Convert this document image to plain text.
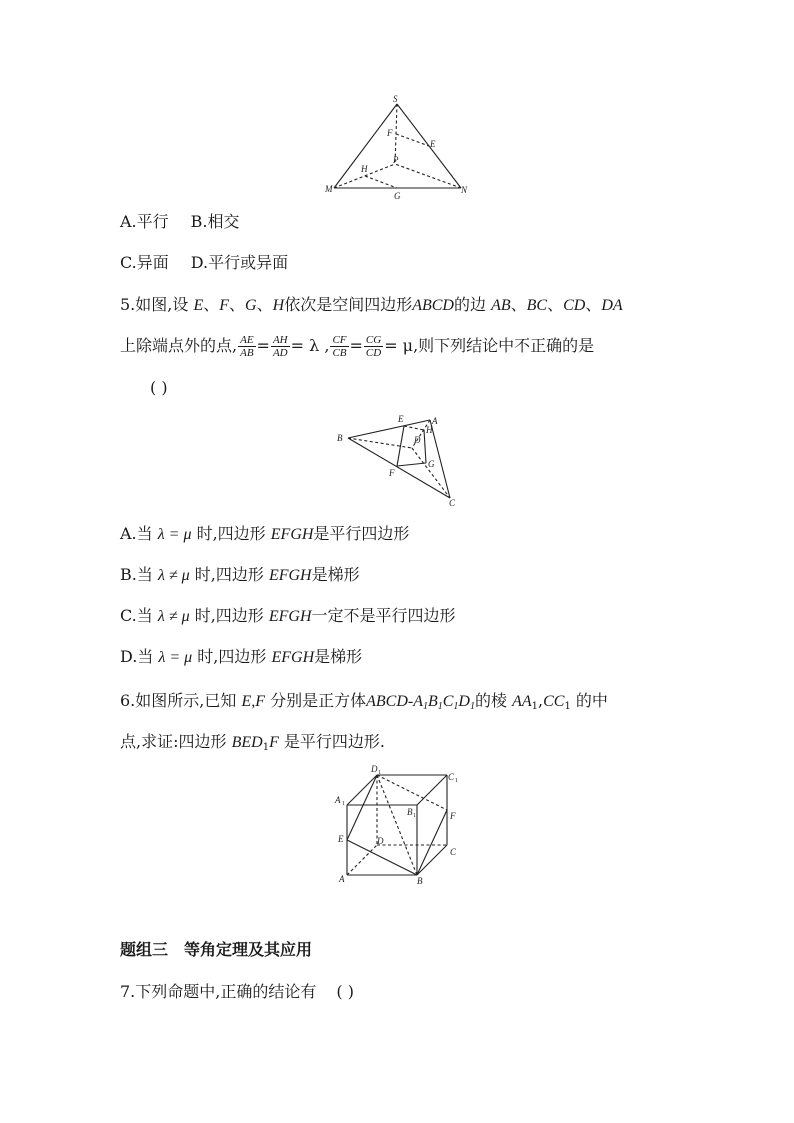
S
F
E
P
H
M
G
N
A.平行 B.相交
C.异面 D.平行或异面
5.如图,设 E、F、G、H依次是空间四边形ABCD的边 AB、BC、CD、DA
上除端点外的点, $\frac{AE}{AB} = \frac{AH}{AD} = \lambda$ , $\frac{CF}{CB} = \frac{CG}{CD} = \mu$,则下列结论中不正确的是
( )
E	A
H
D
B
G
F
C
A.当 λ = μ 时,四边形 EFGH是平行四边形
B.当 λ ≠ μ 时,四边形 EFGH是梯形
C.当 λ ≠ μ 时,四边形 EFGH一定不是平行四边形
D.当 λ = μ 时,四边形 EFGH是梯形
6.如图所示,已知 E,F 分别是正方体ABCD-$A_1B_1C_1D_1$的棱 $AA_1,CC_1$ 的中
点,求证:四边形 $BED_1F$ 是平行四边形.
D 1	C 1
A 1
B 1	F
E	D
C
A	B
题组三　等角定理及其应用
7.下列命题中,正确的结论有 ( )
